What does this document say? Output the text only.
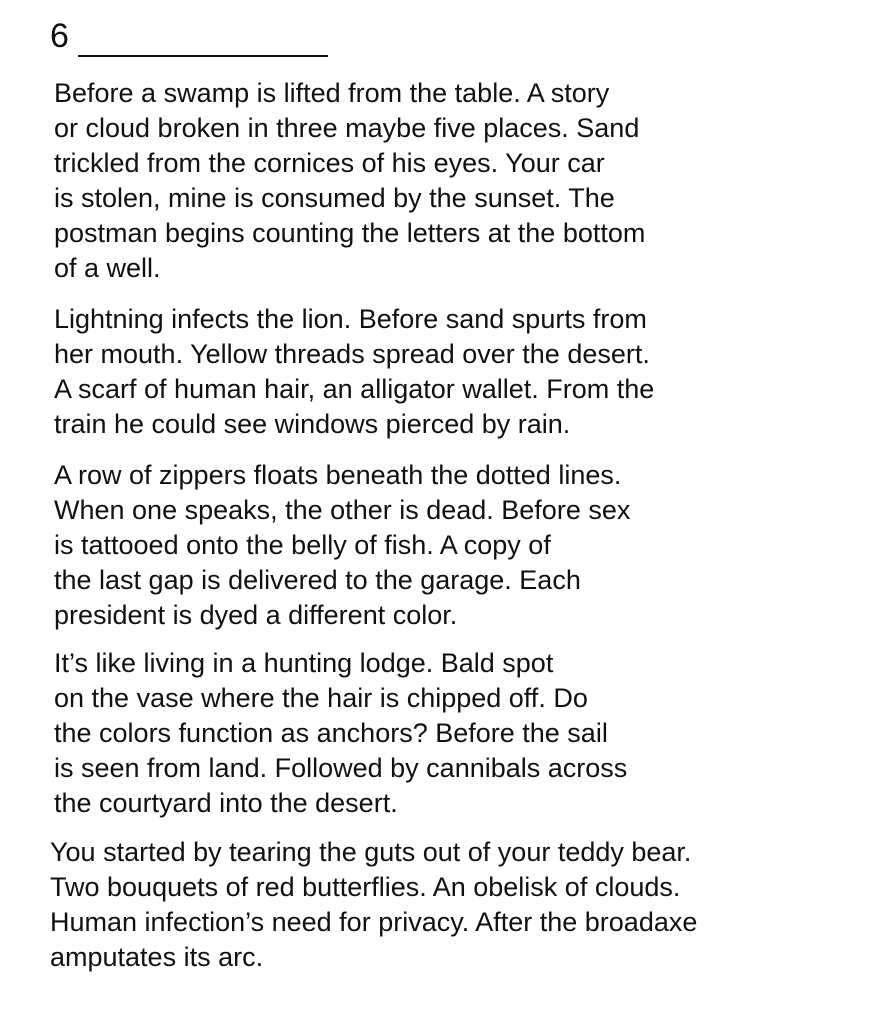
6
Before a swamp is lifted from the table. A story
or cloud broken in three maybe five places. Sand
trickled from the cornices of his eyes. Your car
is stolen, mine is consumed by the sunset. The
postman begins counting the letters at the bottom
of a well.
Lightning infects the lion. Before sand spurts from
her mouth. Yellow threads spread over the desert.
A scarf of human hair, an alligator wallet. From the
train he could see windows pierced by rain.
A row of zippers floats beneath the dotted lines.
When one speaks, the other is dead. Before sex
is tattooed onto the belly of fish. A copy of
the last gap is delivered to the garage. Each
president is dyed a different color.
It’s like living in a hunting lodge. Bald spot
on the vase where the hair is chipped off. Do
the colors function as anchors? Before the sail
is seen from land. Followed by cannibals across
the courtyard into the desert.
You started by tearing the guts out of your teddy bear.
Two bouquets of red butterflies. An obelisk of clouds.
Human infection’s need for privacy. After the broadaxe
amputates its arc.
